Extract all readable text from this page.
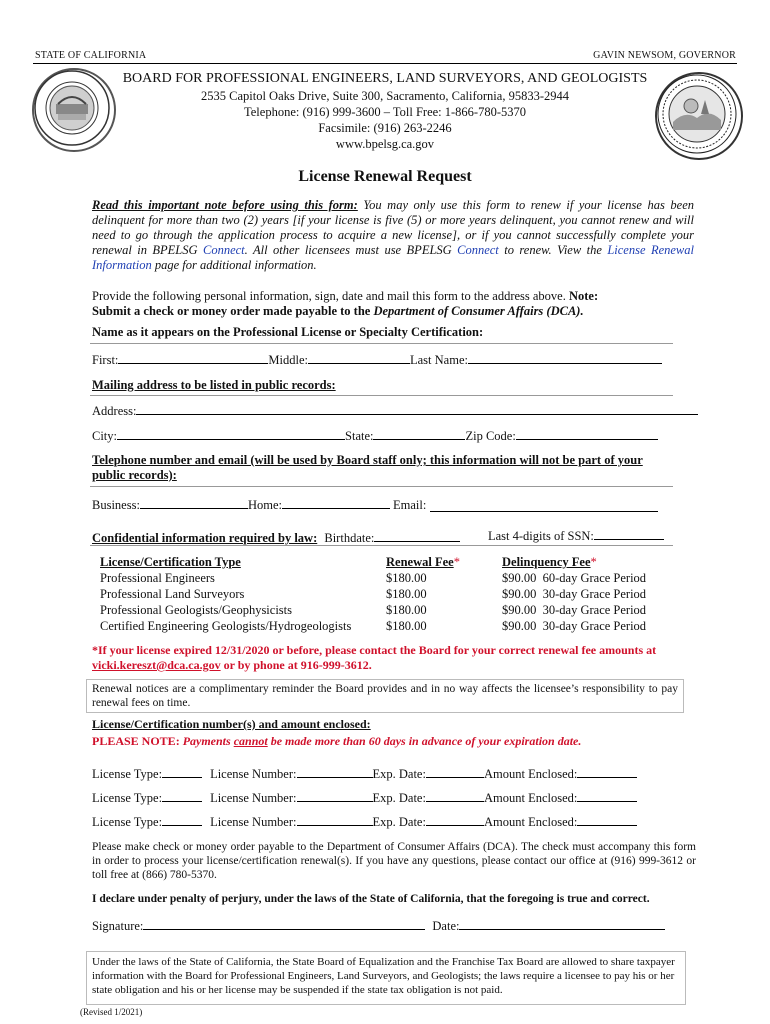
STATE OF CALIFORNIA	GAVIN NEWSOM, GOVERNOR
BOARD FOR PROFESSIONAL ENGINEERS, LAND SURVEYORS, AND GEOLOGISTS
2535 Capitol Oaks Drive, Suite 300, Sacramento, California, 95833-2944
Telephone: (916) 999-3600 – Toll Free: 1-866-780-5370
Facsimile: (916) 263-2246
www.bpelsg.ca.gov
License Renewal Request
Read this important note before using this form: You may only use this form to renew if your license has been delinquent for more than two (2) years [if your license is five (5) or more years delinquent, you cannot renew and will need to go through the application process to acquire a new license], or if you cannot successfully complete your renewal in BPELSG Connect. All other licensees must use BPELSG Connect to renew. View the License Renewal Information page for additional information.
Provide the following personal information, sign, date and mail this form to the address above. Note:
Submit a check or money order made payable to the Department of Consumer Affairs (DCA).
Name as it appears on the Professional License or Specialty Certification:
First:	Middle:	Last Name:
Mailing address to be listed in public records:
Address:
City:	State:	Zip Code:
Telephone number and email (will be used by Board staff only; this information will not be part of your public records):
Business:	Home:	Email:
Confidential information required by law: Birthdate:	Last 4-digits of SSN:
License/Certification Type	Renewal Fee*	Delinquency Fee*
Professional Engineers	$180.00	$90.00 60-day Grace Period
Professional Land Surveyors	$180.00	$90.00 30-day Grace Period
Professional Geologists/Geophysicists	$180.00	$90.00 30-day Grace Period
Certified Engineering Geologists/Hydrogeologists	$180.00	$90.00 30-day Grace Period
*If your license expired 12/31/2020 or before, please contact the Board for your correct renewal fee amounts at vicki.kereszt@dca.ca.gov or by phone at 916-999-3612.
Renewal notices are a complimentary reminder the Board provides and in no way affects the licensee’s responsibility to pay renewal fees on time.
License/Certification number(s) and amount enclosed:
PLEASE NOTE: Payments cannot be made more than 60 days in advance of your expiration date.
License Type:	License Number:	Exp. Date:	Amount Enclosed:
License Type:	License Number:	Exp. Date:	Amount Enclosed:
License Type:	License Number:	Exp. Date:	Amount Enclosed:
Please make check or money order payable to the Department of Consumer Affairs (DCA). The check must accompany this form in order to process your license/certification renewal(s). If you have any questions, please contact our office at (916) 999-3612 or toll free at (866) 780-5370.
I declare under penalty of perjury, under the laws of the State of California, that the foregoing is true and correct.
Signature:	Date:
Under the laws of the State of California, the State Board of Equalization and the Franchise Tax Board are allowed to share taxpayer information with the Board for Professional Engineers, Land Surveyors, and Geologists; the laws require a licensee to pay his or her state obligation and his or her license may be suspended if the state tax obligation is not paid.
(Revised 1/2021)
